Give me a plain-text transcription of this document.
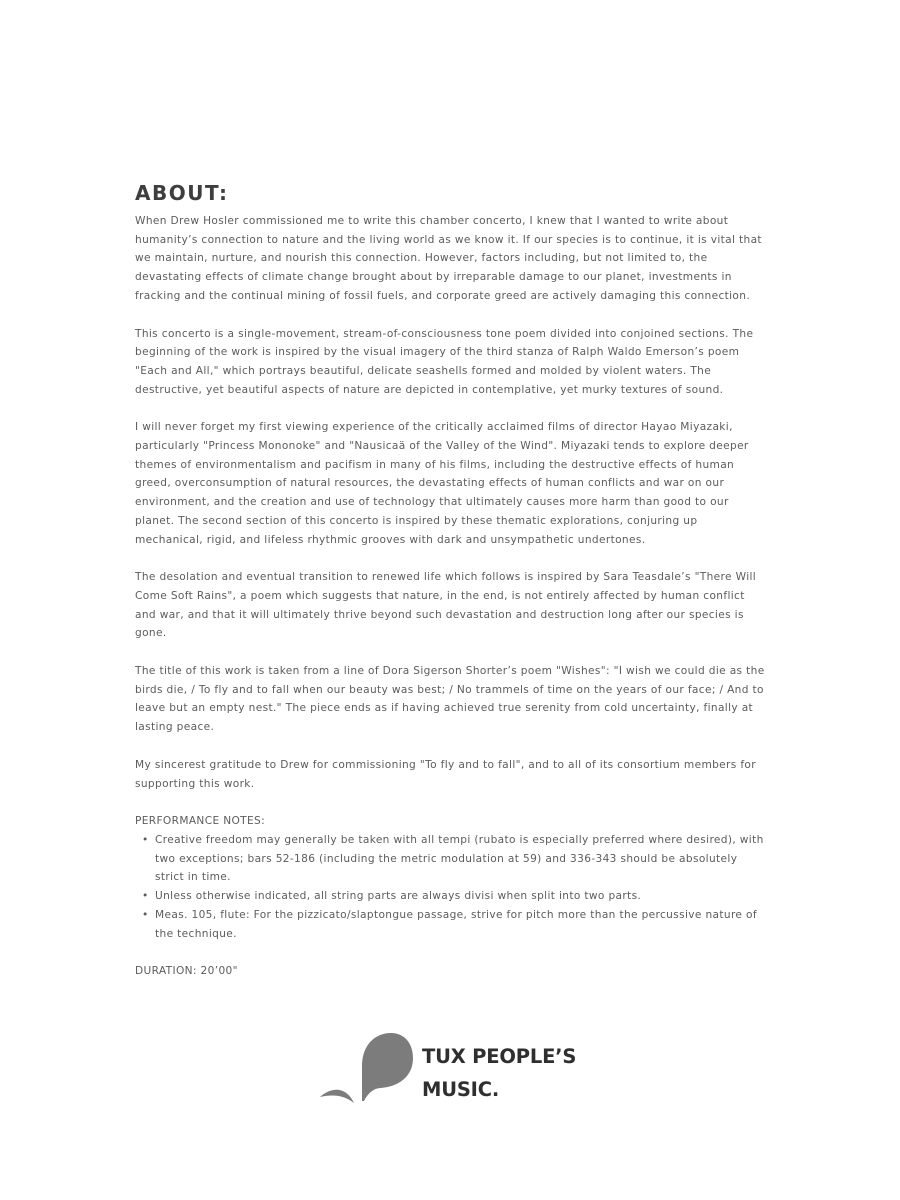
ABOUT:

When Drew Hosler commissioned me to write this chamber concerto, I knew that I wanted to write about humanity’s connection to nature and the living world as we know it. If our species is to continue, it is vital that we maintain, nurture, and nourish this connection. However, factors including, but not limited to, the devastating effects of climate change brought about by irreparable damage to our planet, investments in fracking and the continual mining of fossil fuels, and corporate greed are actively damaging this connection.

This concerto is a single-movement, stream-of-consciousness tone poem divided into conjoined sections. The beginning of the work is inspired by the visual imagery of the third stanza of Ralph Waldo Emerson’s poem "Each and All," which portrays beautiful, delicate seashells formed and molded by violent waters. The destructive, yet beautiful aspects of nature are depicted in contemplative, yet murky textures of sound.

I will never forget my first viewing experience of the critically acclaimed films of director Hayao Miyazaki, particularly "Princess Mononoke" and "Nausicaä of the Valley of the Wind". Miyazaki tends to explore deeper themes of environmentalism and pacifism in many of his films, including the destructive effects of human greed, overconsumption of natural resources, the devastating effects of human conflicts and war on our environment, and the creation and use of technology that ultimately causes more harm than good to our planet. The second section of this concerto is inspired by these thematic explorations, conjuring up mechanical, rigid, and lifeless rhythmic grooves with dark and unsympathetic undertones.

The desolation and eventual transition to renewed life which follows is inspired by Sara Teasdale’s "There Will Come Soft Rains", a poem which suggests that nature, in the end, is not entirely affected by human conflict and war, and that it will ultimately thrive beyond such devastation and destruction long after our species is gone.

The title of this work is taken from a line of Dora Sigerson Shorter’s poem "Wishes": "I wish we could die as the birds die, / To fly and to fall when our beauty was best; / No trammels of time on the years of our face; / And to leave but an empty nest." The piece ends as if having achieved true serenity from cold uncertainty, finally at lasting peace.

My sincerest gratitude to Drew for commissioning "To fly and to fall", and to all of its consortium members for supporting this work.

PERFORMANCE NOTES:

• Creative freedom may generally be taken with all tempi (rubato is especially preferred where desired), with two exceptions; bars 52-186 (including the metric modulation at 59) and 336-343 should be absolutely strict in time.
• Unless otherwise indicated, all string parts are always divisi when split into two parts.
• Meas. 105, flute: For the pizzicato/slaptongue passage, strive for pitch more than the percussive nature of the technique.

DURATION: 20’00"

TUX PEOPLE’S
MUSIC.
